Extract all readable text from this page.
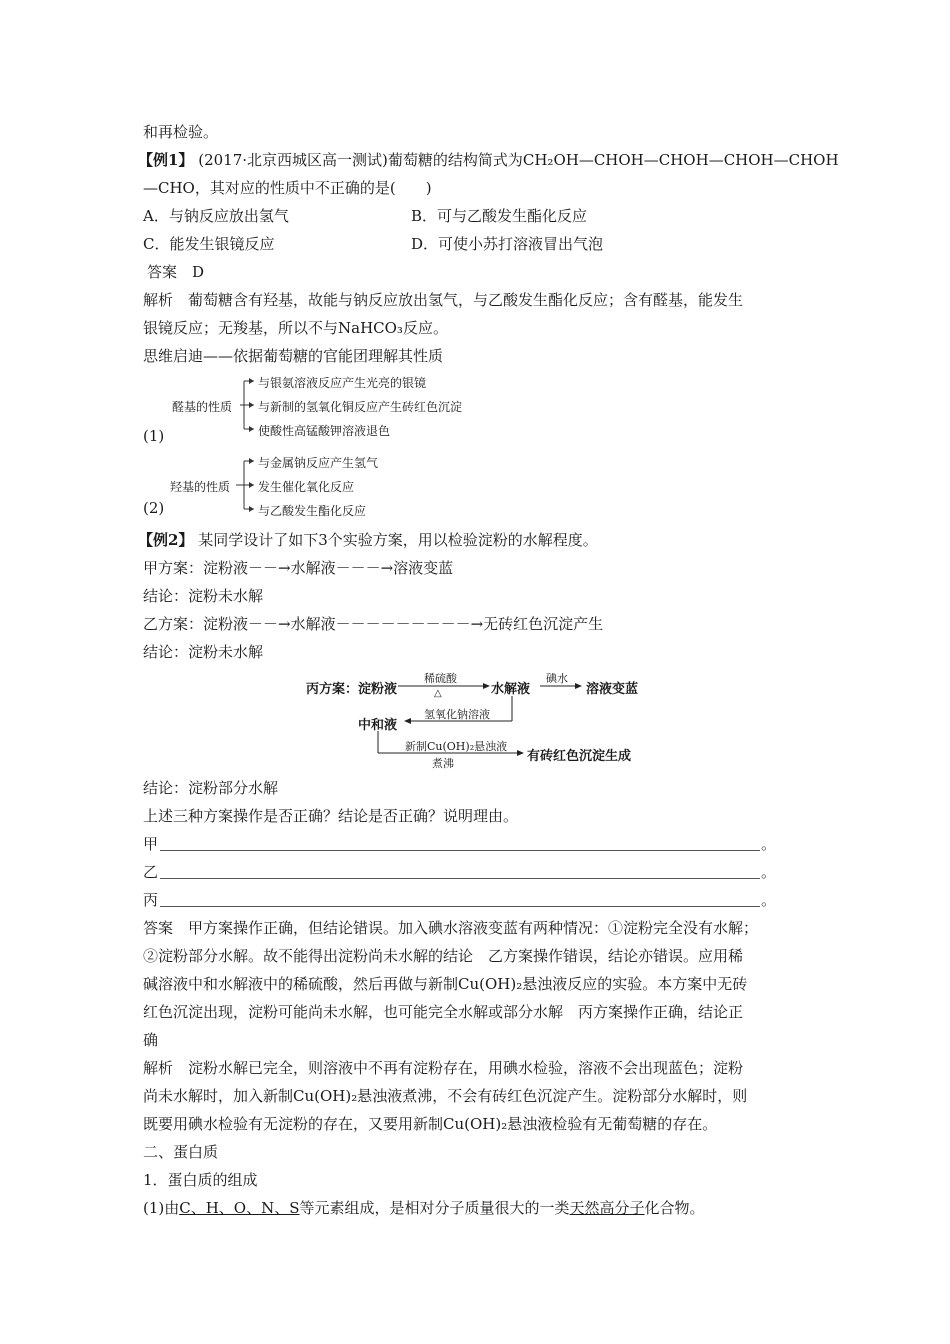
和再检验。
【例1】 (2017·北京西城区高一测试)葡萄糖的结构简式为CH₂OH—CHOH—CHOH—CHOH—CHOH
—CHO，其对应的性质中不正确的是(　　)
A．与钠反应放出氢气	B．可与乙酸发生酯化反应
C．能发生银镜反应	D．可使小苏打溶液冒出气泡
答案　D
解析　葡萄糖含有羟基，故能与钠反应放出氢气，与乙酸发生酯化反应；含有醛基，能发生
银镜反应；无羧基，所以不与NaHCO₃反应。
思维启迪——依据葡萄糖的官能团理解其性质
醛基的性质
与银氨溶液反应产生光亮的银镜
与新制的氢氧化铜反应产生砖红色沉淀
使酸性高锰酸钾溶液退色
(1)
羟基的性质
与金属钠反应产生氢气
发生催化氧化反应
与乙酸发生酯化反应
(2)
【例2】 某同学设计了如下3个实验方案，用以检验淀粉的水解程度。
甲方案：淀粉液－－→水解液－－－→溶液变蓝
结论：淀粉未水解
乙方案：淀粉液－－→水解液－－－－－－－－－→无砖红色沉淀产生
结论：淀粉未水解
丙方案：淀粉液
稀硫酸
△	水解液
碘水
溶液变蓝
氢氧化钠溶液
中和液
新制Cu(OH)₂悬浊液
煮沸	有砖红色沉淀生成
结论：淀粉部分水解
上述三种方案操作是否正确？结论是否正确？说明理由。
甲	。
乙	。
丙	。
答案　甲方案操作正确，但结论错误。加入碘水溶液变蓝有两种情况：①淀粉完全没有水解；
②淀粉部分水解。故不能得出淀粉尚未水解的结论　乙方案操作错误，结论亦错误。应用稀
碱溶液中和水解液中的稀硫酸，然后再做与新制Cu(OH)₂悬浊液反应的实验。本方案中无砖
红色沉淀出现，淀粉可能尚未水解，也可能完全水解或部分水解　丙方案操作正确，结论正
确
解析　淀粉水解已完全，则溶液中不再有淀粉存在，用碘水检验，溶液不会出现蓝色；淀粉
尚未水解时，加入新制Cu(OH)₂悬浊液煮沸，不会有砖红色沉淀产生。淀粉部分水解时，则
既要用碘水检验有无淀粉的存在，又要用新制Cu(OH)₂悬浊液检验有无葡萄糖的存在。
二、蛋白质
1．蛋白质的组成
(1)由C、H、O、N、S等元素组成，是相对分子质量很大的一类天然高分子化合物。
